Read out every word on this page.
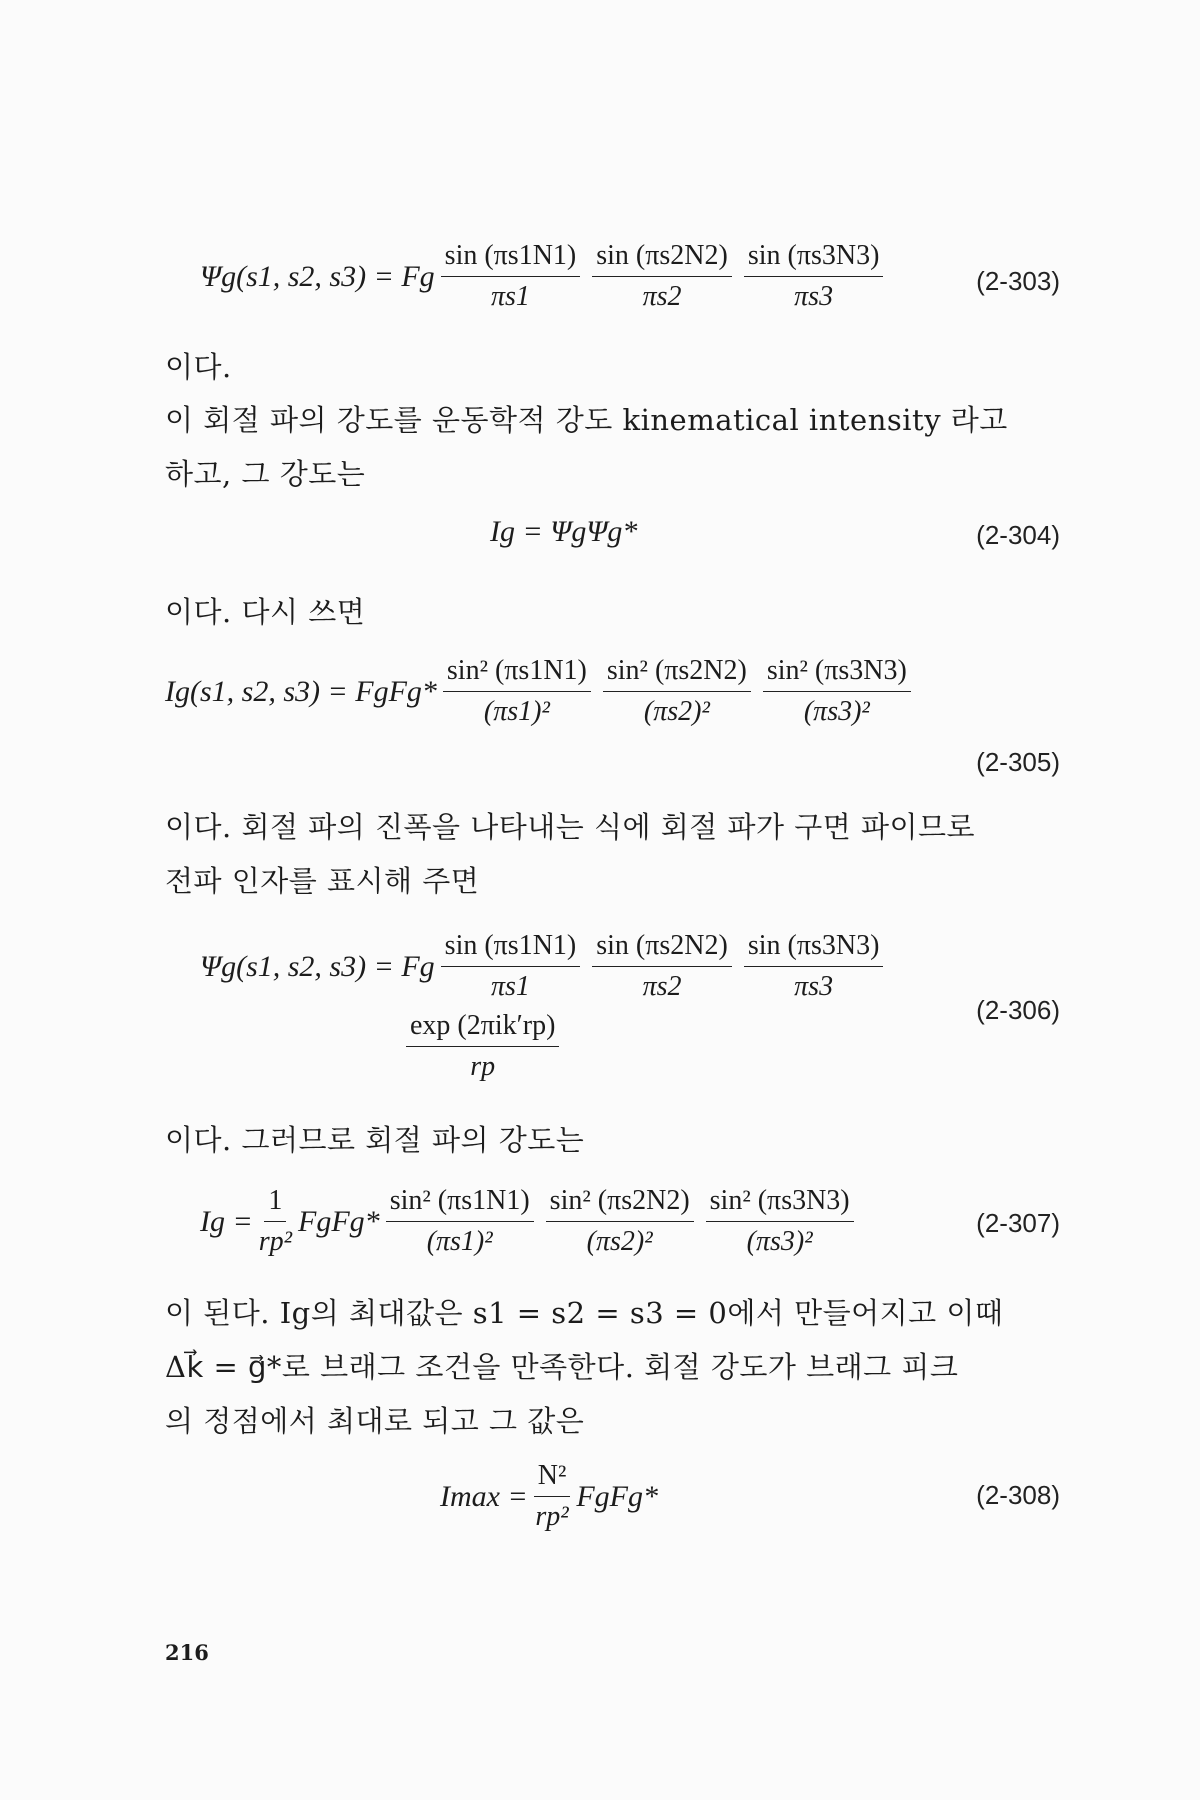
Ψg(s1, s2, s3) = Fg $\frac{\sin (\pi s1N1)}{\pi s1} \frac{\sin (\pi s2N2)}{\pi s2} \frac{\sin (\pi s3N3)}{\pi s3}$	(2-303)
이다.
이 회절 파의 강도를 운동학적 강도 kinematical intensity 라고
하고, 그 강도는
Ig = ΨgΨg*	(2-304)
이다. 다시 쓰면
Ig(s1, s2, s3) = FgFg* $\frac{\text{sin² (πs1N1)}}{\text{(πs1)²}} \frac{\text{sin² (πs2N2)}}{\text{(πs2)²}} \frac{\text{sin² (πs3N3)}}{\text{(πs3)²}}$
(2-305)
이다. 회절 파의 진폭을 나타내는 식에 회절 파가 구면 파이므로
전파 인자를 표시해 주면
Ψg(s1, s2, s3) = Fg $\frac{\sin (\pi s1N1)}{\pi s1} \frac{\sin (\pi s2N2)}{\pi s2} \frac{\sin (\pi s3N3)}{\pi s3}$
$\frac{\text{exp (2πik′rp)}}{rp}$	(2-306)
이다. 그러므로 회절 파의 강도는
$Ig = \frac{1}{\text{rp²}}$ FgFg* $\frac{\text{sin² (πs1N1)}}{\text{(πs1)²}} \frac{\text{sin² (πs2N2)}}{\text{(πs2)²}} \frac{\text{sin² (πs3N3)}}{\text{(πs3)²}}$	(2-307)
이 된다. Ig의 최대값은 s1 = s2 = s3 = 0에서 만들어지고 이때
Δk⃗ = g⃗*로 브래그 조건을 만족한다. 회절 강도가 브래그 피크
의 정점에서 최대로 되고 그 값은
$Imax = \frac{\text{N²}}{\text{rp²}}$ FgFg*	(2-308)
216
